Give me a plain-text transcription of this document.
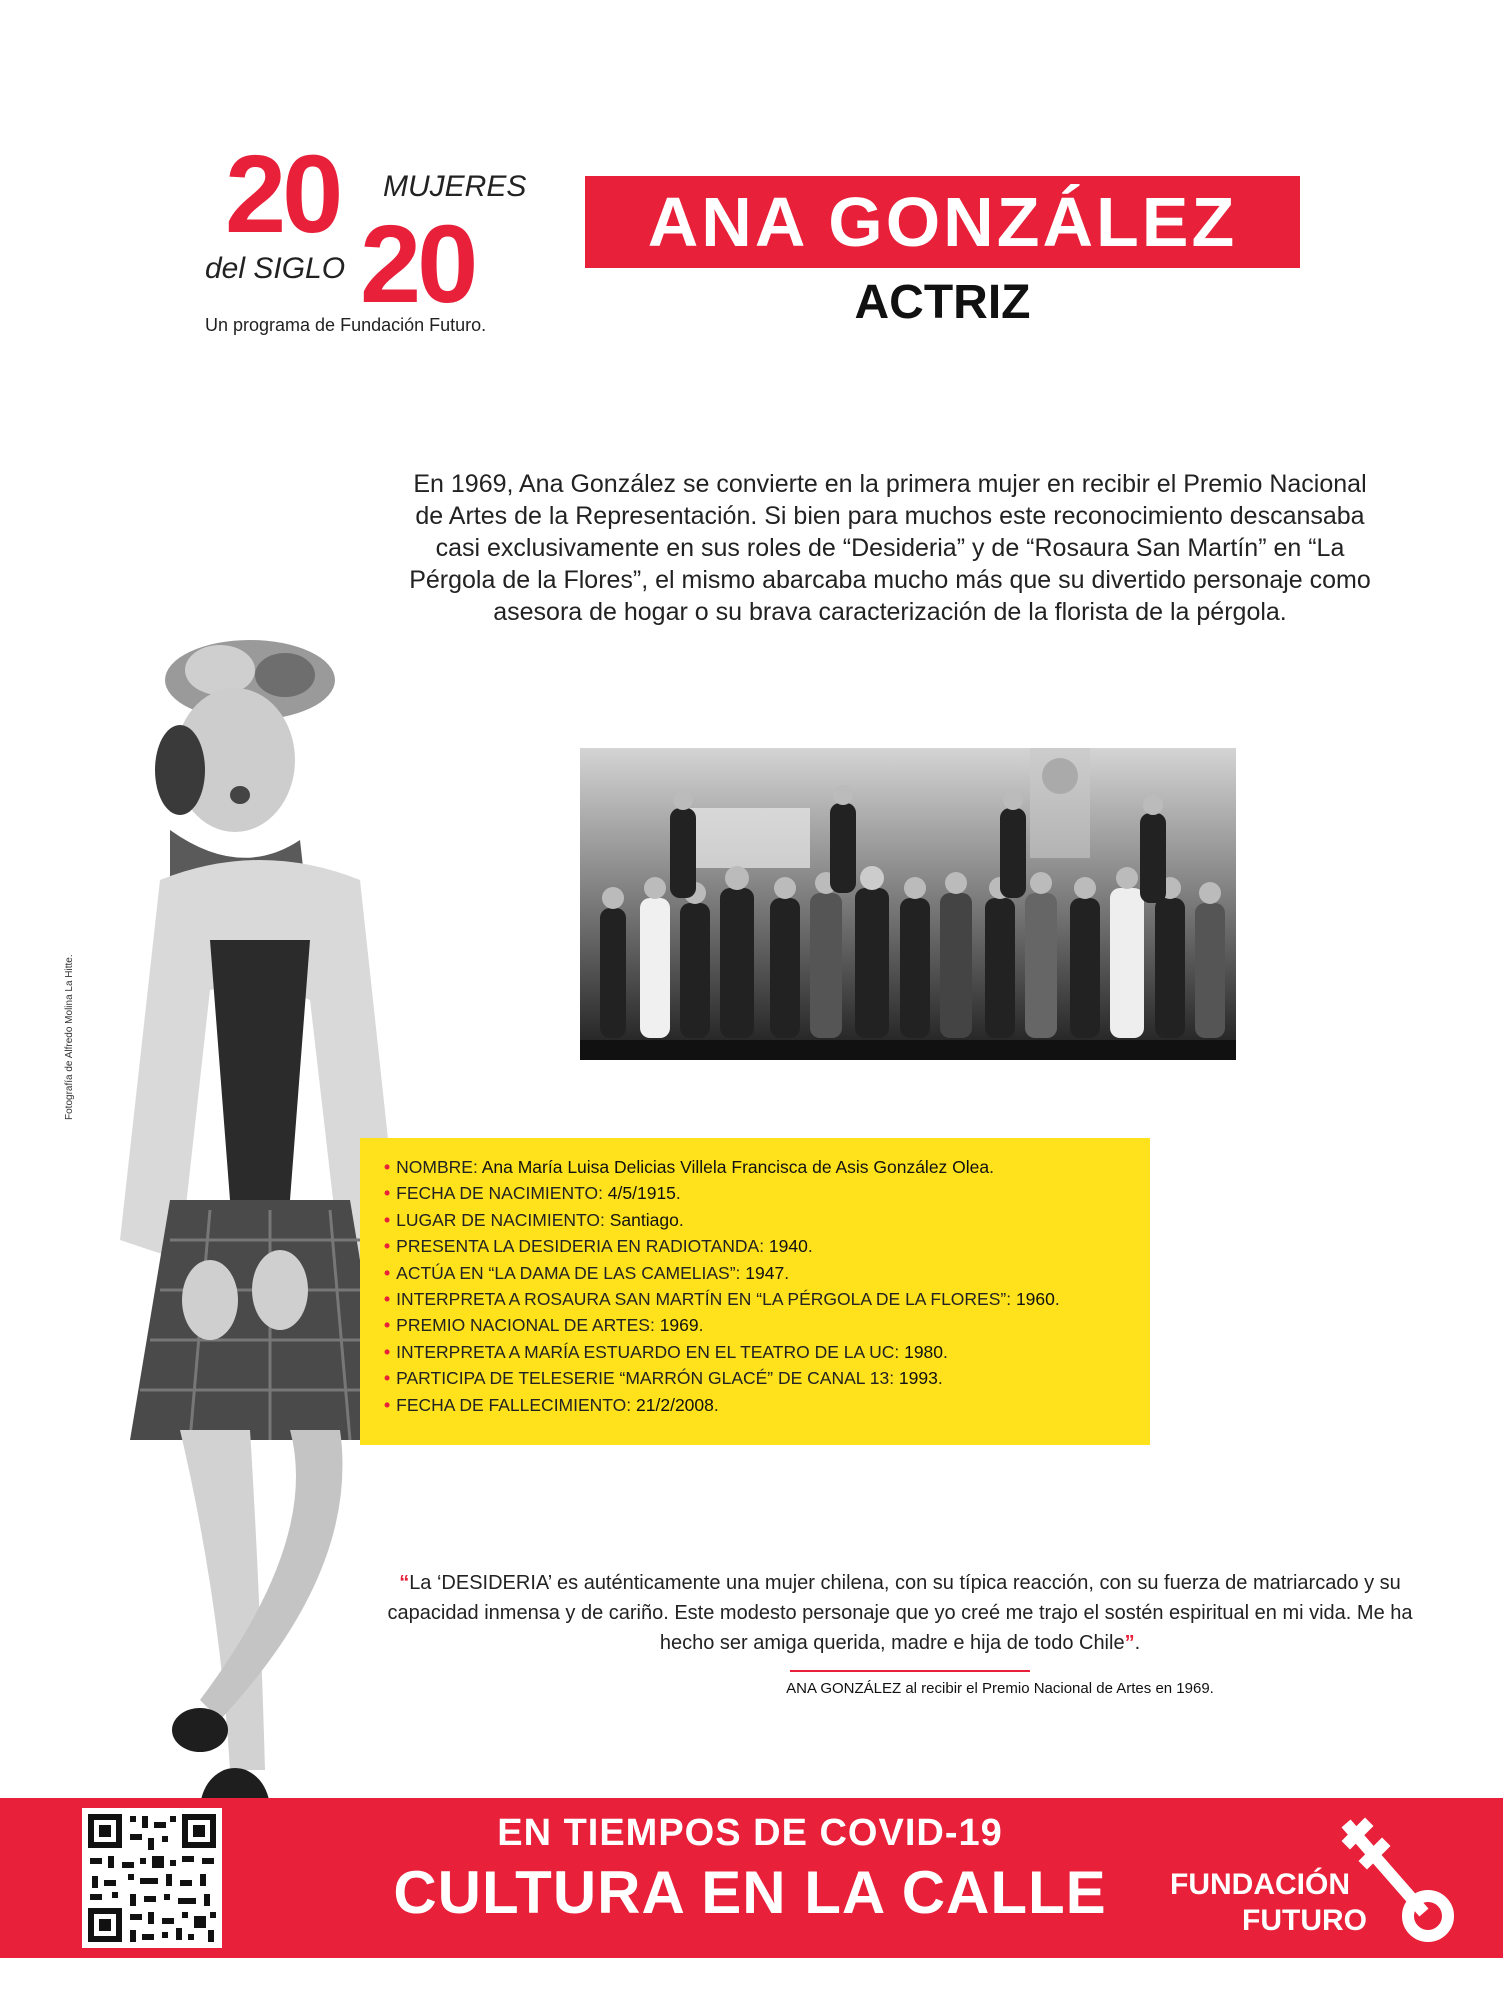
20 MUJERES
del SIGLO 20
Un programa de Fundación Futuro.
ANA GONZÁLEZ
ACTRIZ
En 1969, Ana González se convierte en la primera mujer en recibir el Premio Nacional de Artes de la Representación. Si bien para muchos este reconocimiento descansaba casi exclusivamente en sus roles de “Desideria” y de “Rosaura San Martín” en “La Pérgola de la Flores”, el mismo abarcaba mucho más que su divertido personaje como asesora de hogar o su brava caracterización de la florista de la pérgola.
Fotografía de Alfredo Molina La Hitte.
• NOMBRE: Ana María Luisa Delicias Villela Francisca de Asis González Olea.
• FECHA DE NACIMIENTO: 4/5/1915.
• LUGAR DE NACIMIENTO: Santiago.
• PRESENTA LA DESIDERIA EN RADIOTANDA: 1940.
• ACTÚA EN “LA DAMA DE LAS CAMELIAS”: 1947.
• INTERPRETA A ROSAURA SAN MARTÍN EN “LA PÉRGOLA DE LA FLORES”: 1960.
• PREMIO NACIONAL DE ARTES: 1969.
• INTERPRETA A MARÍA ESTUARDO EN EL TEATRO DE LA UC: 1980.
• PARTICIPA DE TELESERIE “MARRÓN GLACÉ” DE CANAL 13: 1993.
• FECHA DE FALLECIMIENTO: 21/2/2008.
“La ‘DESIDERIA’ es auténticamente una mujer chilena, con su típica reacción, con su fuerza de matriarcado y su capacidad inmensa y de cariño. Este modesto personaje que yo creé me trajo el sostén espiritual en mi vida. Me ha hecho ser amiga querida, madre e hija de todo Chile”.
ANA GONZÁLEZ al recibir el Premio Nacional de Artes en 1969.
EN TIEMPOS DE COVID-19
CULTURA EN LA CALLE	FUNDACIÓN
FUTURO
